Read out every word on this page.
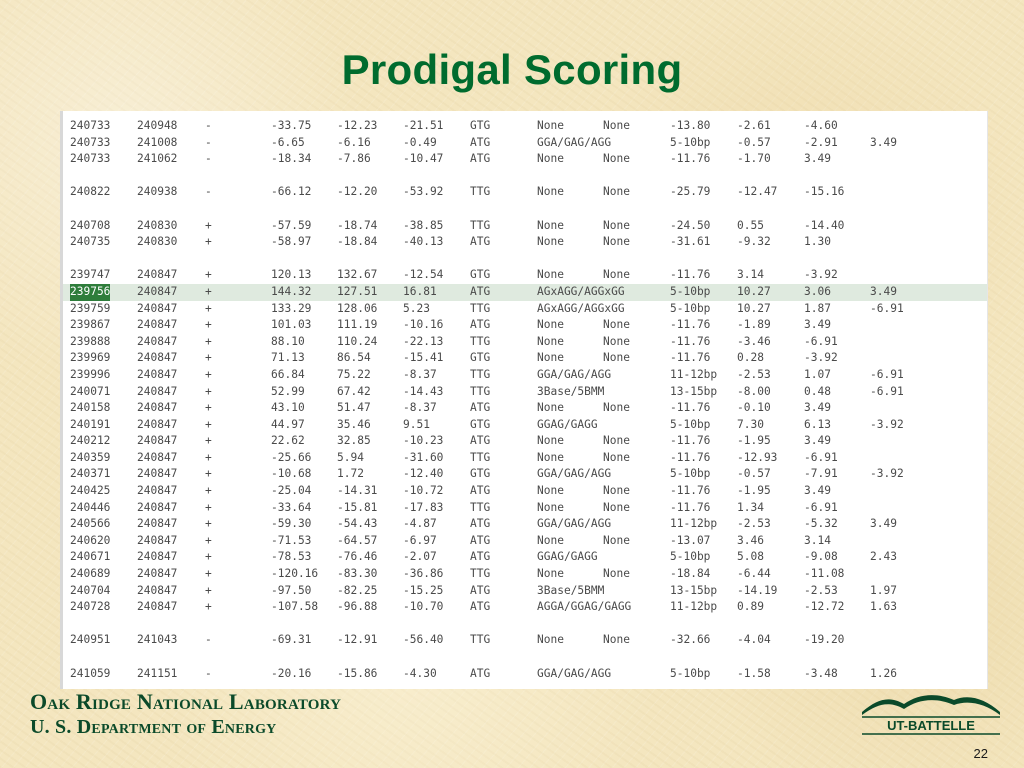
Prodigal Scoring
240733 240948 -	-33.75 -12.23 -21.51 GTG	None	None	-13.80 -2.61	-4.60
240733 241008 -	-6.65	-6.16	-0.49	ATG	GGA/GAG/AGG	5-10bp -0.57	-2.91	3.49
240733 241062 -	-18.34 -7.86	-10.47 ATG	None	None	-11.76 -1.70	3.49
240822 240938 -	-66.12 -12.20 -53.92 TTG	None	None	-25.79 -12.47 -15.16
240708 240830 +	-57.59 -18.74 -38.85 TTG	None	None	-24.50 0.55	-14.40
240735 240830 +	-58.97 -18.84 -40.13 ATG	None	None	-31.61 -9.32	1.30
239747 240847 +	120.13 132.67 -12.54 GTG	None	None	-11.76 3.14	-3.92
239756 240847 +	144.32 127.51 16.81	ATG	AGxAGG/AGGxGG	5-10bp 10.27	3.06	3.49
239759 240847 +	133.29 128.06 5.23	TTG	AGxAGG/AGGxGG	5-10bp 10.27	1.87	-6.91
239867 240847 +	101.03 111.19 -10.16 ATG	None	None	-11.76 -1.89	3.49
239888 240847 +	88.10	110.24 -22.13 TTG	None	None	-11.76 -3.46	-6.91
239969 240847 +	71.13	86.54	-15.41 GTG	None	None	-11.76 0.28	-3.92
239996 240847 +	66.84	75.22	-8.37	TTG	GGA/GAG/AGG	11-12bp -2.53	1.07	-6.91
240071 240847 +	52.99	67.42	-14.43 TTG	3Base/5BMM	13-15bp -8.00	0.48	-6.91
240158 240847 +	43.10	51.47	-8.37	ATG	None	None	-11.76 -0.10	3.49
240191 240847 +	44.97	35.46	9.51	GTG	GGAG/GAGG	5-10bp 7.30	6.13	-3.92
240212 240847 +	22.62	32.85	-10.23 ATG	None	None	-11.76 -1.95	3.49
240359 240847 +	-25.66 5.94	-31.60 TTG	None	None	-11.76 -12.93 -6.91
240371 240847 +	-10.68 1.72	-12.40 GTG	GGA/GAG/AGG	5-10bp -0.57	-7.91	-3.92
240425 240847 +	-25.04 -14.31 -10.72 ATG	None	None	-11.76 -1.95	3.49
240446 240847 +	-33.64 -15.81 -17.83 TTG	None	None	-11.76 1.34	-6.91
240566 240847 +	-59.30 -54.43 -4.87	ATG	GGA/GAG/AGG	11-12bp -2.53	-5.32	3.49
240620 240847 +	-71.53 -64.57 -6.97	ATG	None	None	-13.07 3.46	3.14
240671 240847 +	-78.53 -76.46 -2.07	ATG	GGAG/GAGG	5-10bp 5.08	-9.08	2.43
240689 240847 +	-120.16 -83.30 -36.86 TTG	None	None	-18.84 -6.44	-11.08
240704 240847 +	-97.50 -82.25 -15.25 ATG	3Base/5BMM	13-15bp -14.19 -2.53	1.97
240728 240847 +	-107.58 -96.88 -10.70 ATG	AGGA/GGAG/GAGG	11-12bp 0.89	-12.72 1.63
240951 241043 -	-69.31 -12.91 -56.40 TTG	None	None	-32.66 -4.04	-19.20
241059 241151 -	-20.16 -15.86 -4.30	ATG	GGA/GAG/AGG	5-10bp -1.58	-3.48	1.26
Oak Ridge National Laboratory
U. S. Department of Energy	UT-BATTELLE
22
